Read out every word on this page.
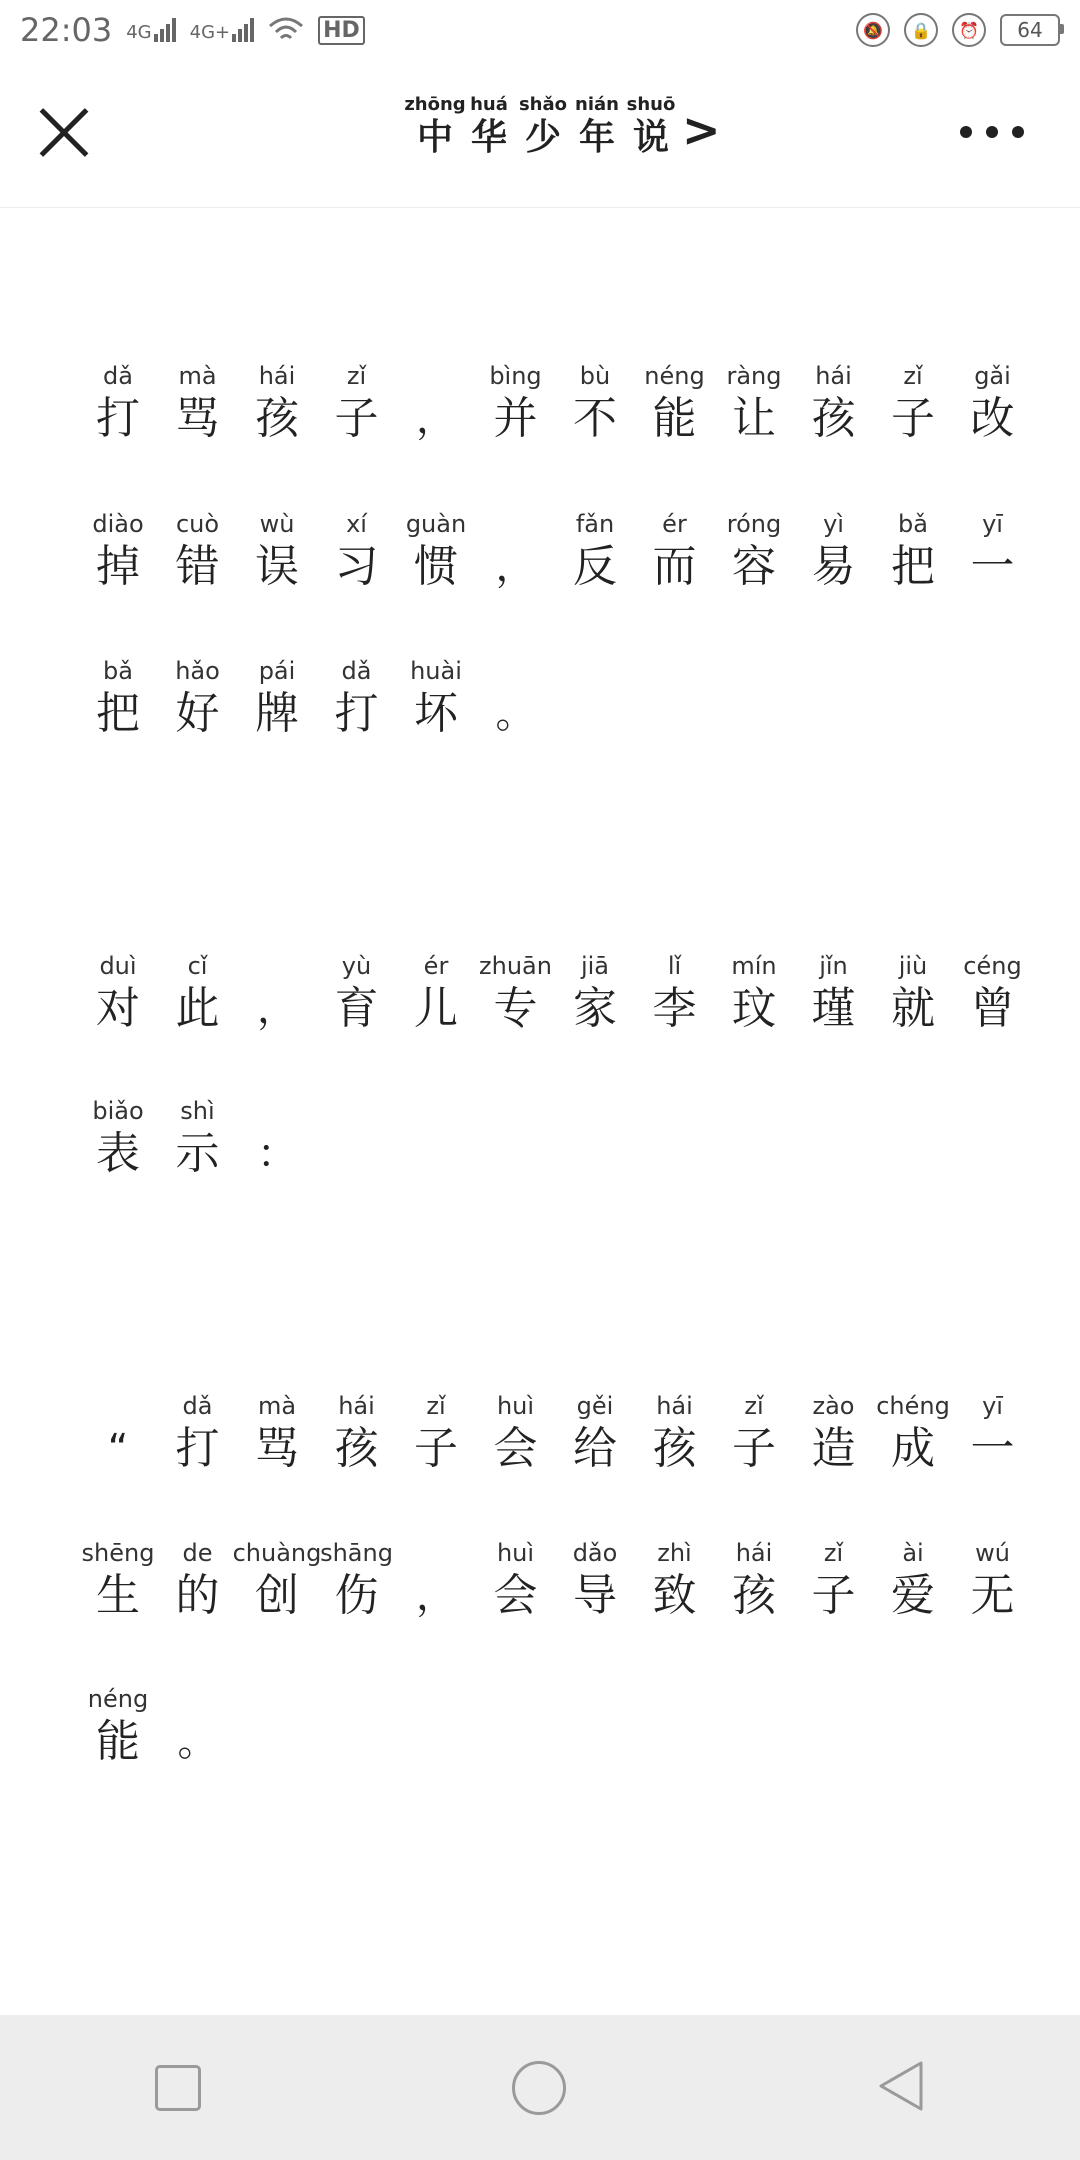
22:03 4G 4G+	HD	🔕	🔒	⏰	64
zhōng
中
huá
华
shǎo
少
nián
年
shuō
说 >
dǎ
打
mà
骂
hái
孩
zǐ
子 ，
bìng
并
bù
不
néng
能
ràng
让
hái
孩
zǐ
子
gǎi
改
diào
掉
cuò
错
wù
误
xí
习
guàn
惯 ，
fǎn
反
ér
而
róng
容
yì
易
bǎ
把
yī
一
bǎ
把
hǎo
好
pái
牌
dǎ
打
huài
坏 。
duì
对
cǐ
此 ，
yù
育
ér
儿
zhuān
专
jiā
家
lǐ
李
mín
玟
jǐn
瑾
jiù
就
céng
曾
biǎo
表
shì
示 ：
“
dǎ
打
mà
骂
hái
孩
zǐ
子
huì
会
gěi
给
hái
孩
zǐ
子
zào
造
chéng
成
yī
一
shēng
生
de
的
chuàng
创
shāng
伤 ，
huì
会
dǎo
导
zhì
致
hái
孩
zǐ
子
ài
爱
wú
无
néng
能 。
